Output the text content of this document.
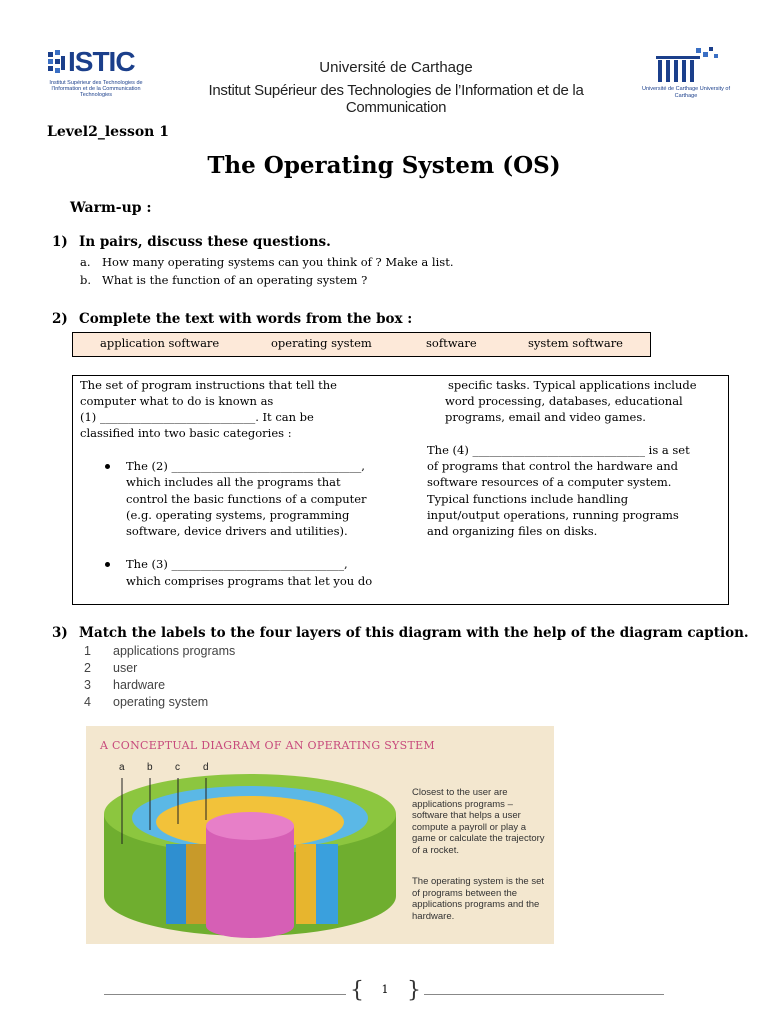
ISTIC
Institut Supérieur des Technologies de l'Information et de la Communication Technologies
Université de Carthage
Institut Supérieur des Technologies de l’Information et de la Communication
Université de Carthage University of Carthage
Level2_lesson 1
The Operating System (OS)
Warm-up :
1) In pairs, discuss these questions.
a. How many operating systems can you think of ? Make a list.
b. What is the function of an operating system ?
2) Complete the text with words from the box :
application software	operating system	software	system software
The set of program instructions that tell the
computer what to do is known as
(1) ___________________________. It can be
classified into two basic categories :
The (2) _________________________________,
which includes all the programs that
control the basic functions of a computer
(e.g. operating systems, programming
software, device drivers and utilities).
The (3) ______________________________,
which comprises programs that let you do
specific tasks. Typical applications include
word processing, databases, educational
programs, email and video games.
The (4) ______________________________ is a set
of programs that control the hardware and
software resources of a computer system.
Typical functions include handling
input/output operations, running programs
and organizing files on disks.
3) Match the labels to the four layers of this diagram with the help of the diagram caption.
1 applications programs
2 user
3 hardware
4 operating system
A CONCEPTUAL DIAGRAM OF AN OPERATING SYSTEM
a b c d
Closest to the user are applications programs – software that helps a user compute a payroll or play a game or calculate the trajectory of a rocket.
The operating system is the set of programs between the applications programs and the hardware.
{ }
1
